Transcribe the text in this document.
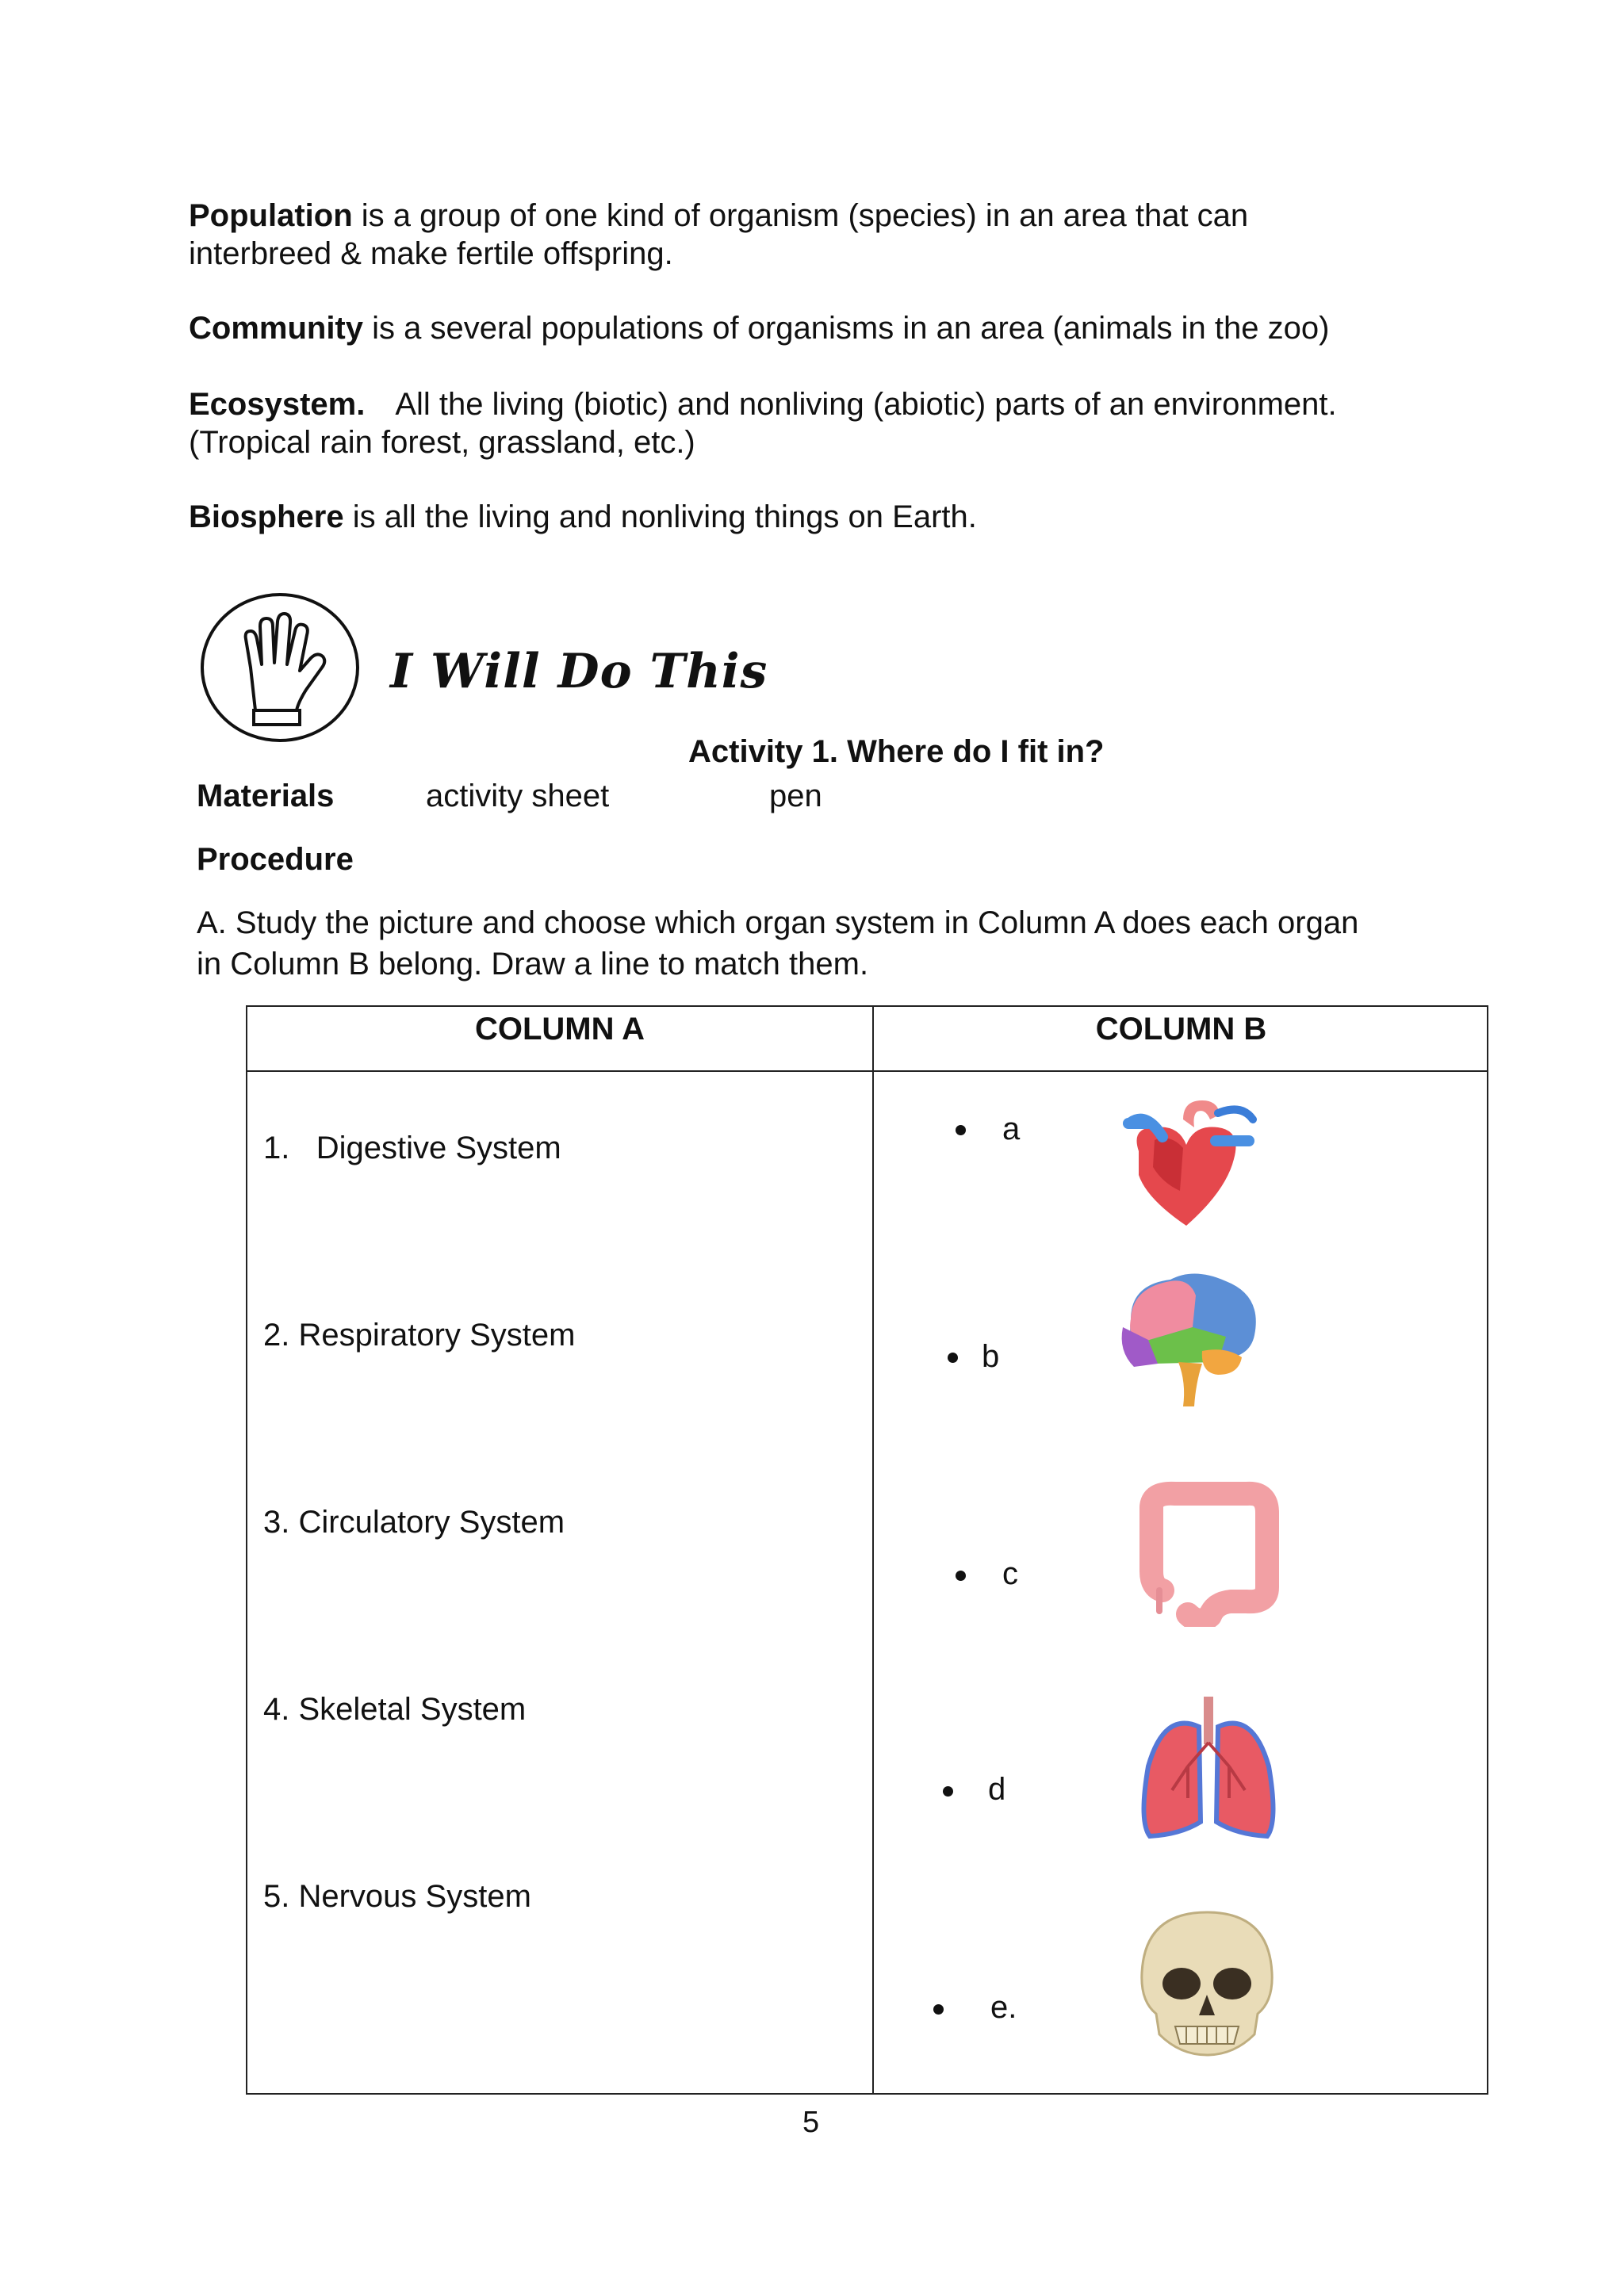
Population is a group of one kind of organism (species) in an area that can
interbreed & make fertile offspring.
Community is a several populations of organisms in an area (animals in the zoo)
Ecosystem. All the living (biotic) and nonliving (abiotic) parts of an environment.
(Tropical rain forest, grassland, etc.)
Biosphere is all the living and nonliving things on Earth.
I Will Do This
Activity 1. Where do I fit in?
Materials	activity sheet	pen
Procedure
A. Study the picture and choose which organ system in Column A does each organ
in Column B belong. Draw a line to match them.
COLUMN A	COLUMN B
1.   Digestive System
2. Respiratory System
3. Circulatory System
4. Skeletal System
5. Nervous System
a
b
c
d
e.
5
